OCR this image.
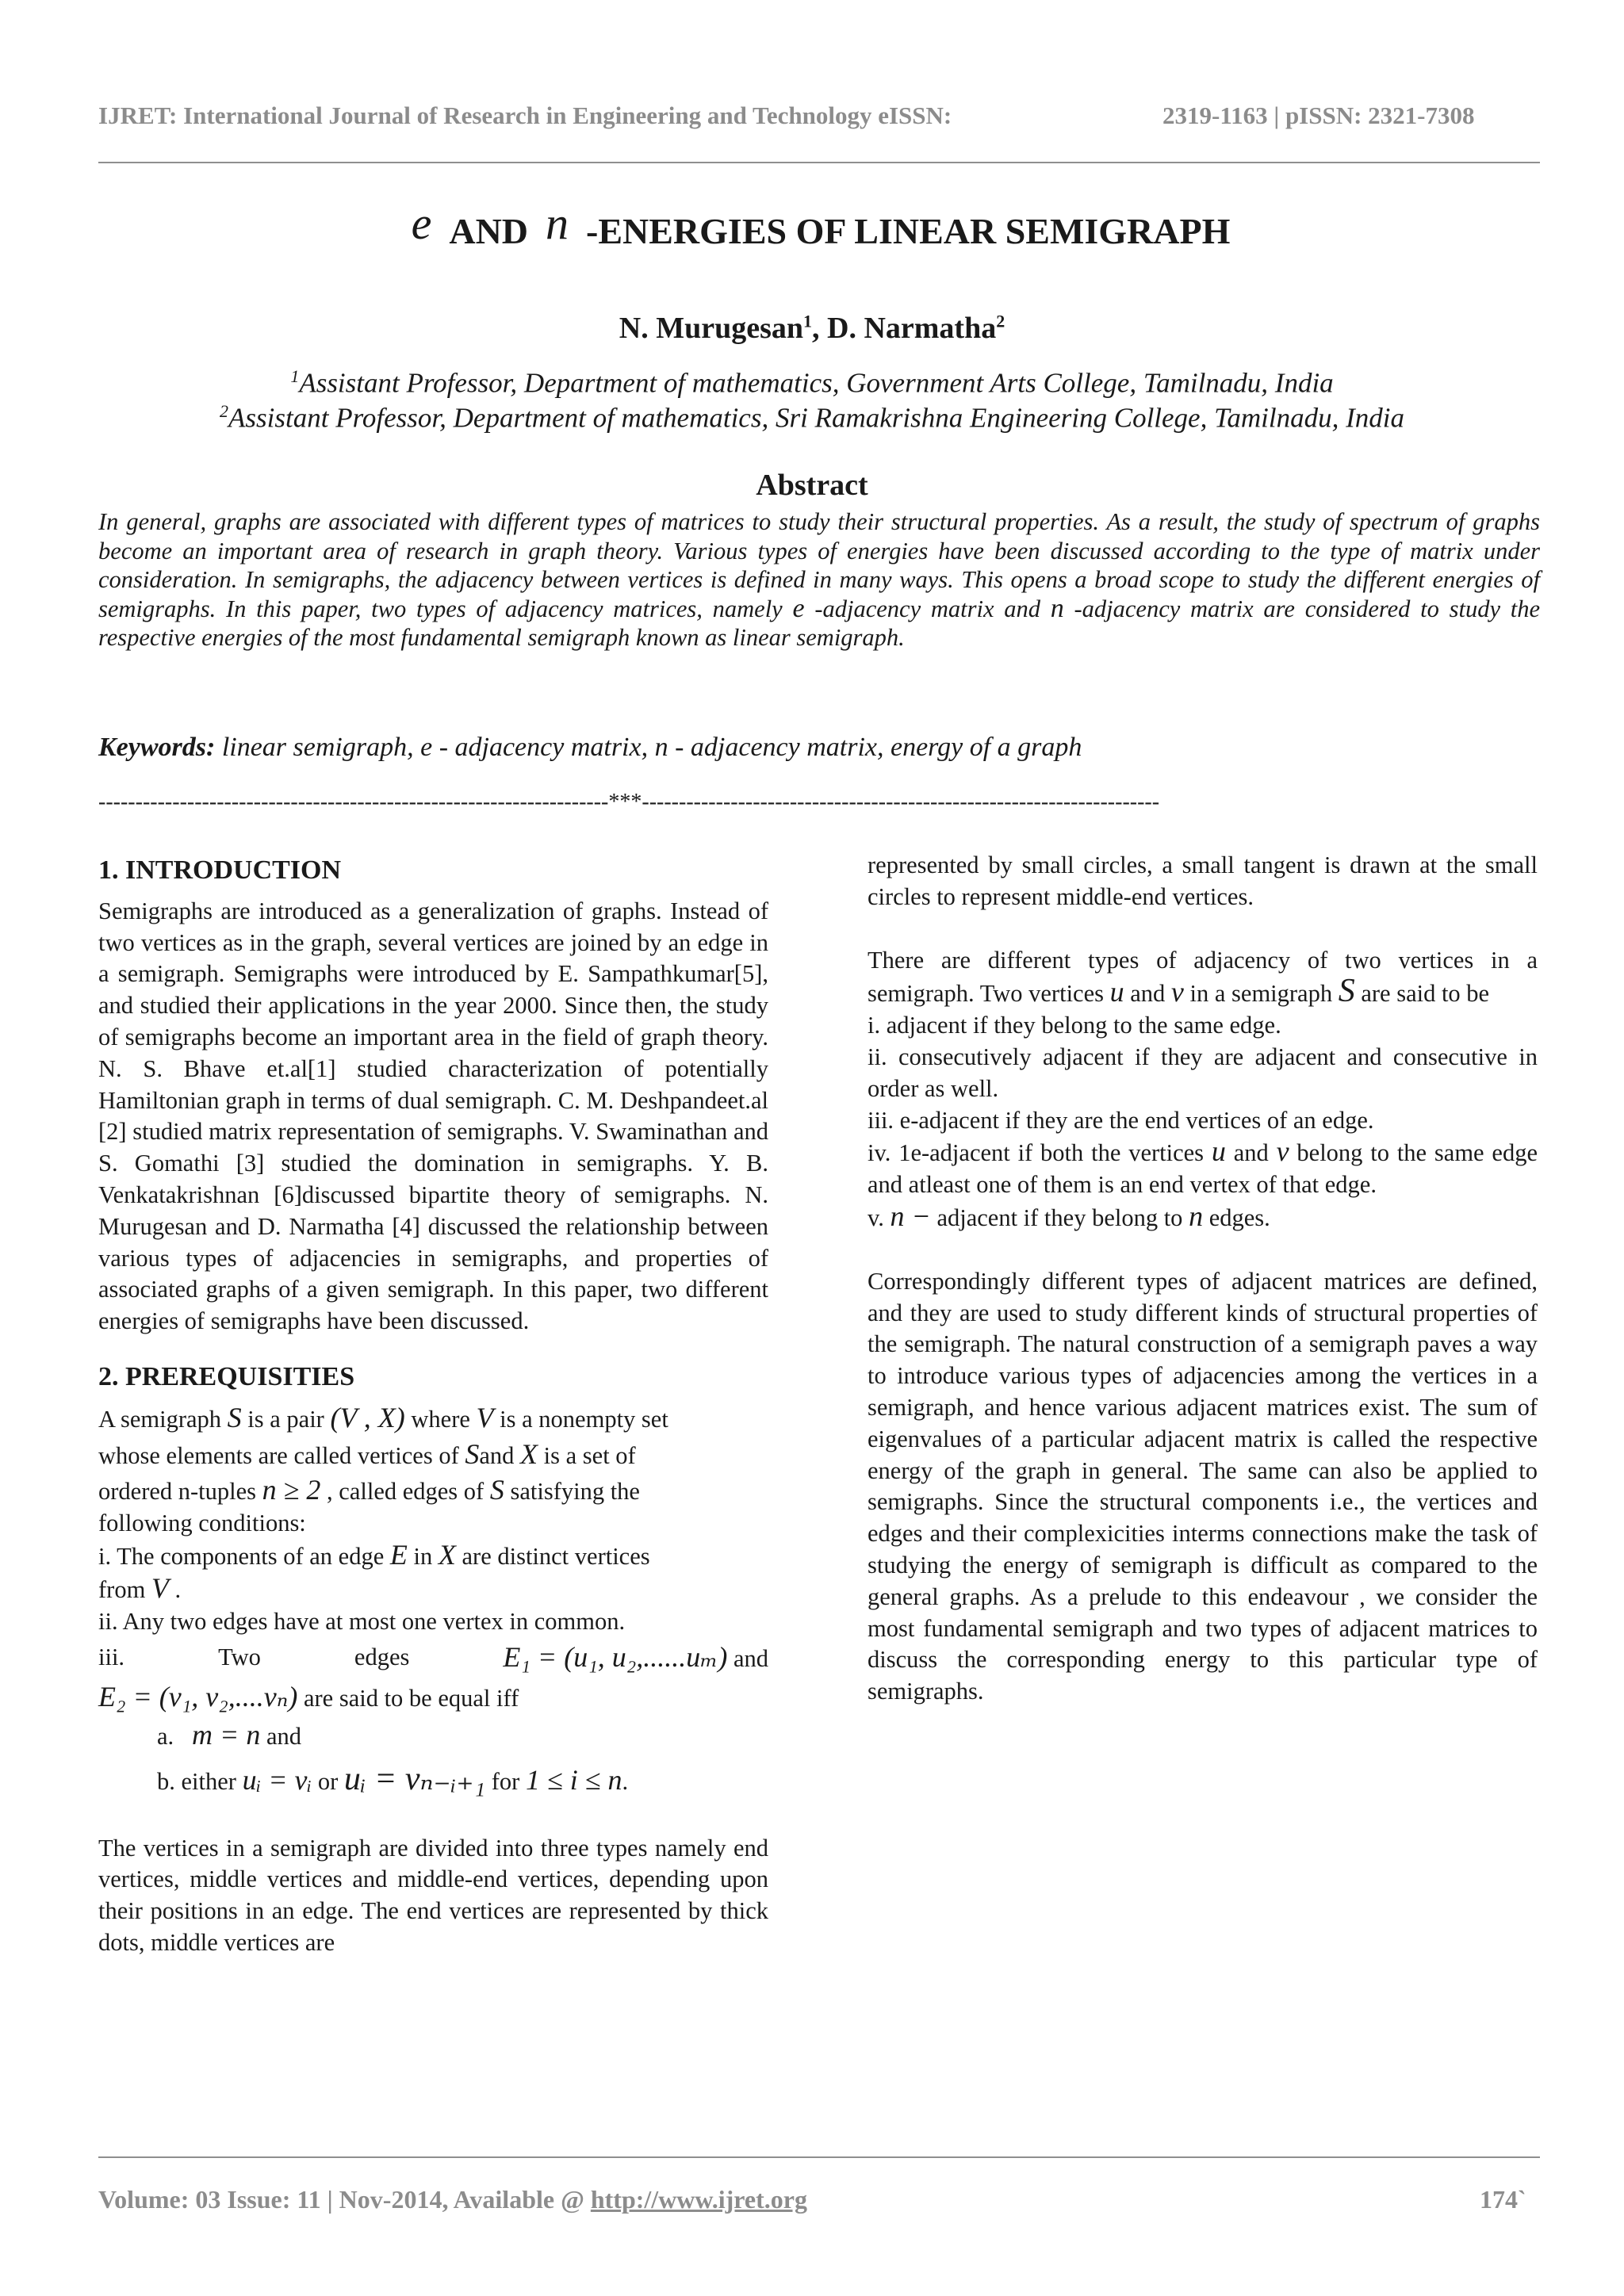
IJRET: International Journal of Research in Engineering and Technology eISSN:	2319-1163 | pISSN: 2321-7308
e AND n -ENERGIES OF LINEAR SEMIGRAPH
N. Murugesan$^1$, D. Narmatha$^2$
$^1$Assistant Professor, Department of mathematics, Government Arts College, Tamilnadu, India
$^2$Assistant Professor, Department of mathematics, Sri Ramakrishna Engineering College, Tamilnadu, India
Abstract
In general, graphs are associated with different types of matrices to study their structural properties. As a result, the study of spectrum of graphs become an important area of research in graph theory. Various types of energies have been discussed according to the type of matrix under consideration. In semigraphs, the adjacency between vertices is defined in many ways. This opens a broad scope to study the different energies of semigraphs. In this paper, two types of adjacency matrices, namely e -adjacency matrix and n -adjacency matrix are considered to study the respective energies of the most fundamental semigraph known as linear semigraph.
Keywords: linear semigraph, e - adjacency matrix, n - adjacency matrix, energy of a graph
---------------------------------------------------------------------***----------------------------------------------------------------------

1. INTRODUCTION

Semigraphs are introduced as a generalization of graphs. Instead of two vertices as in the graph, several vertices are joined by an edge in a semigraph. Semigraphs were introduced by E. Sampathkumar[5], and studied their applications in the year 2000. Since then, the study of semigraphs become an important area in the field of graph theory. N. S. Bhave et.al[1] studied characterization of potentially Hamiltonian graph in terms of dual semigraph. C. M. Deshpandeet.al [2] studied matrix representation of semigraphs. V. Swaminathan and S. Gomathi [3] studied the domination in semigraphs. Y. B. Venkatakrishnan [6]discussed bipartite theory of semigraphs. N. Murugesan and D. Narmatha [4] discussed the relationship between various types of adjacencies in semigraphs, and properties of associated graphs of a given semigraph. In this paper, two different energies of semigraphs have been discussed.

2. PREREQUISITIES

A semigraph S is a pair (V , X) where V is a nonempty set

whose elements are called vertices of Sand X is a set of

ordered n-tuples n ≥ 2 , called edges of S satisfying the

following conditions:

i. The components of an edge E in X are distinct vertices
from V .

ii. Any two edges have at most one vertex in common.

iii.	Two	edges	E₁ = (u₁, u₂,......uₘ) and

E₂ = (v₁, v₂,....vₙ) are said to be equal iff

a. m = n and

b. either uᵢ = vᵢ or uᵢ = vₙ₋ᵢ₊₁ for 1 ≤ i ≤ n.

The vertices in a semigraph are divided into three types namely end vertices, middle vertices and middle-end vertices, depending upon their positions in an edge. The end vertices are represented by thick dots, middle vertices are

represented by small circles, a small tangent is drawn at the small circles to represent middle-end vertices.

There are different types of adjacency of two vertices in a semigraph. Two vertices u and v in a semigraph S are said to be

i. adjacent if they belong to the same edge.

ii. consecutively adjacent if they are adjacent and consecutive in order as well.

iii. e-adjacent if they are the end vertices of an edge.

iv. 1e-adjacent if both the vertices u and v belong to the same edge and atleast one of them is an end vertex of that edge.

v. n − adjacent if they belong to n edges.

Correspondingly different types of adjacent matrices are defined, and they are used to study different kinds of structural properties of the semigraph. The natural construction of a semigraph paves a way to introduce various types of adjacencies among the vertices in a semigraph, and hence various adjacent matrices exist. The sum of eigenvalues of a particular adjacent matrix is called the respective energy of the graph in general. The same can also be applied to semigraphs. Since the structural components i.e., the vertices and edges and their complexicities interms connections make the task of studying the energy of semigraph is difficult as compared to the general graphs. As a prelude to this endeavour , we consider the most fundamental semigraph and two types of adjacent matrices to discuss the corresponding energy to this particular type of semigraphs.

Volume: 03 Issue: 11 | Nov-2014, Available @ http://www.ijret.org	174`
